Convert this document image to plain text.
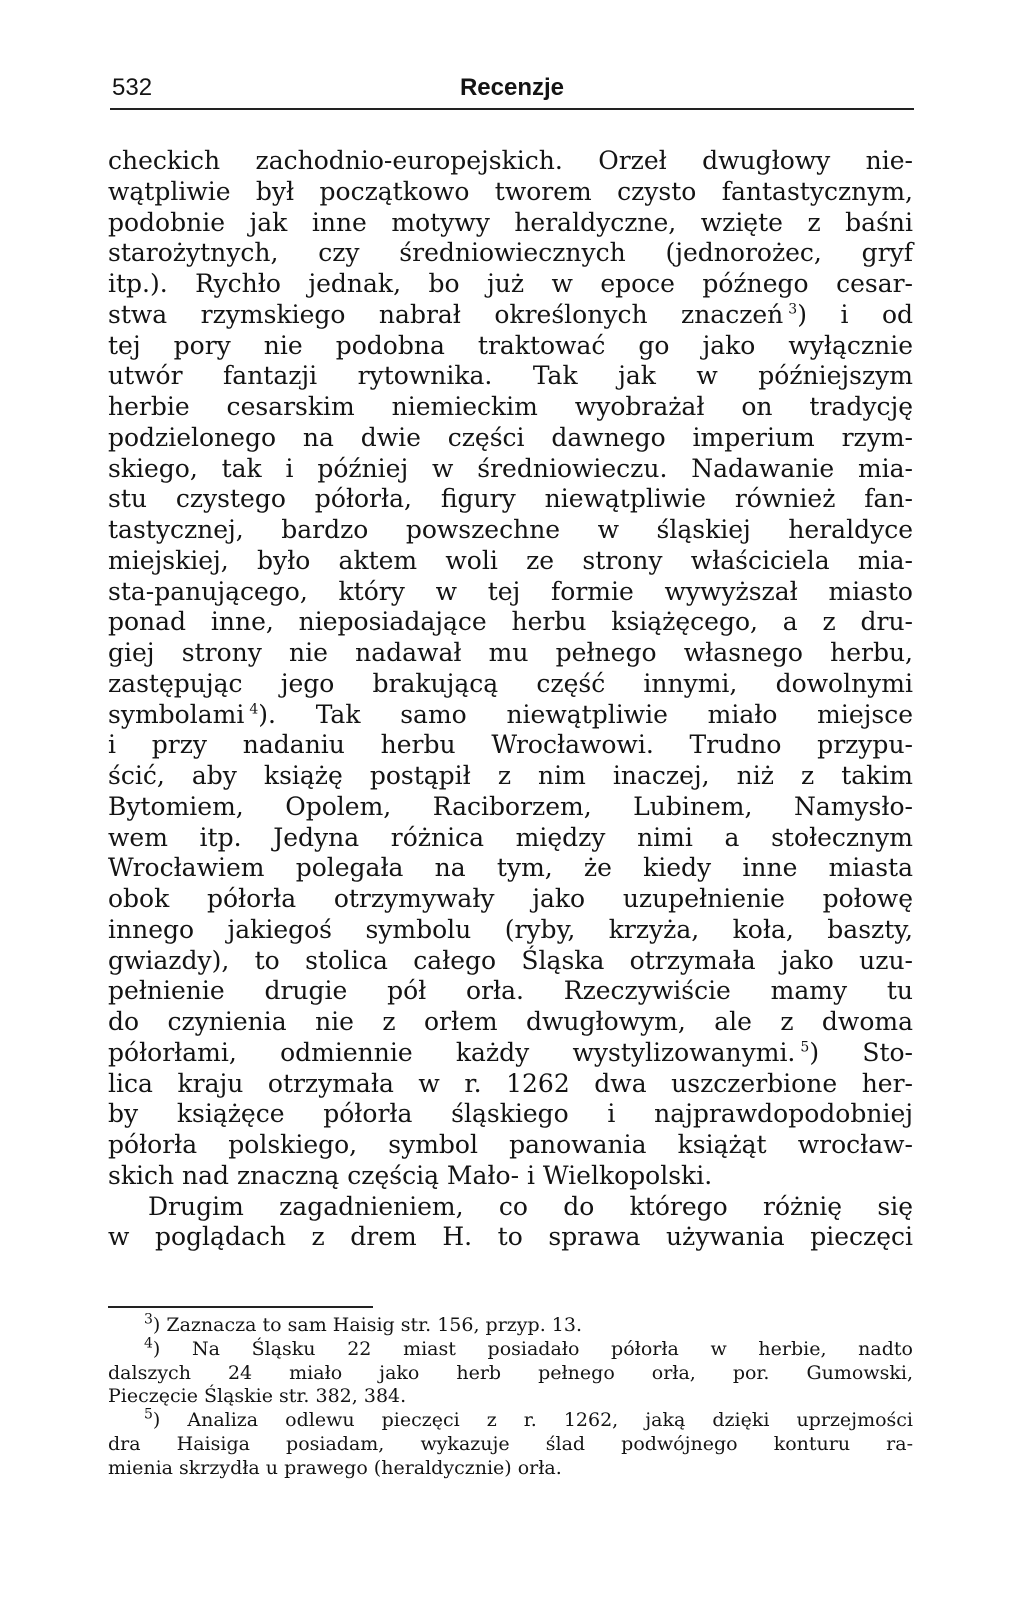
532	Recenzje
checkich zachodnio-europejskich. Orzeł dwugłowy nie-
wątpliwie był początkowo tworem czysto fantastycznym,
podobnie jak inne motywy heraldyczne, wzięte z baśni
starożytnych, czy średniowiecznych (jednorożec, gryf
itp.). Rychło jednak, bo już w epoce późnego cesar-
stwa rzymskiego nabrał określonych znaczeń  $^3$) i od
tej pory nie podobna traktować go jako wyłącznie
utwór fantazji rytownika. Tak jak w późniejszym
herbie cesarskim niemieckim wyobrażał on tradycję
podzielonego na dwie części dawnego imperium rzym-
skiego, tak i później w średniowieczu. Nadawanie mia-
stu czystego półorła, figury niewątpliwie również fan-
tastycznej, bardzo powszechne w śląskiej heraldyce
miejskiej, było aktem woli ze strony właściciela mia-
sta-panującego, który w tej formie wywyższał miasto
ponad inne, nieposiadające herbu książęcego, a z dru-
giej strony nie nadawał mu pełnego własnego herbu,
zastępując jego brakującą część innymi, dowolnymi
symbolami  $^4$). Tak samo niewątpliwie miało miejsce
i przy nadaniu herbu Wrocławowi. Trudno przypu-
ścić, aby książę postąpił z nim inaczej, niż z takim
Bytomiem, Opolem, Raciborzem, Lubinem, Namysło-
wem itp. Jedyna różnica między nimi a stołecznym
Wrocławiem polegała na tym, że kiedy inne miasta
obok półorła otrzymywały jako uzupełnienie połowę
innego jakiegoś symbolu (ryby, krzyża, koła, baszty,
gwiazdy), to stolica całego Śląska otrzymała jako uzu-
pełnienie drugie pół orła. Rzeczywiście mamy tu
do czynienia nie z orłem dwugłowym, ale z dwoma
półorłami, odmiennie każdy wystylizowanymi.  $^5$) Sto-
lica kraju otrzymała w r. 1262 dwa uszczerbione her-
by książęce półorła śląskiego i najprawdopodobniej
półorła polskiego, symbol panowania książąt wrocław-
skich nad znaczną częścią Mało- i Wielkopolski.
Drugim zagadnieniem, co do którego różnię się
w poglądach z drem H. to sprawa używania pieczęci
$^3$) Zaznacza to sam Haisig str. 156, przyp. 13.
$^4$) Na Śląsku 22 miast posiadało półorła w herbie, nadto
dalszych 24 miało jako herb pełnego orła, por. Gumowski,
Pieczęcie Śląskie str. 382, 384.
$^5$) Analiza odlewu pieczęci z r. 1262, jaką dzięki uprzejmości
dra Haisiga posiadam, wykazuje ślad podwójnego konturu ra-
mienia skrzydła u prawego (heraldycznie) orła.
